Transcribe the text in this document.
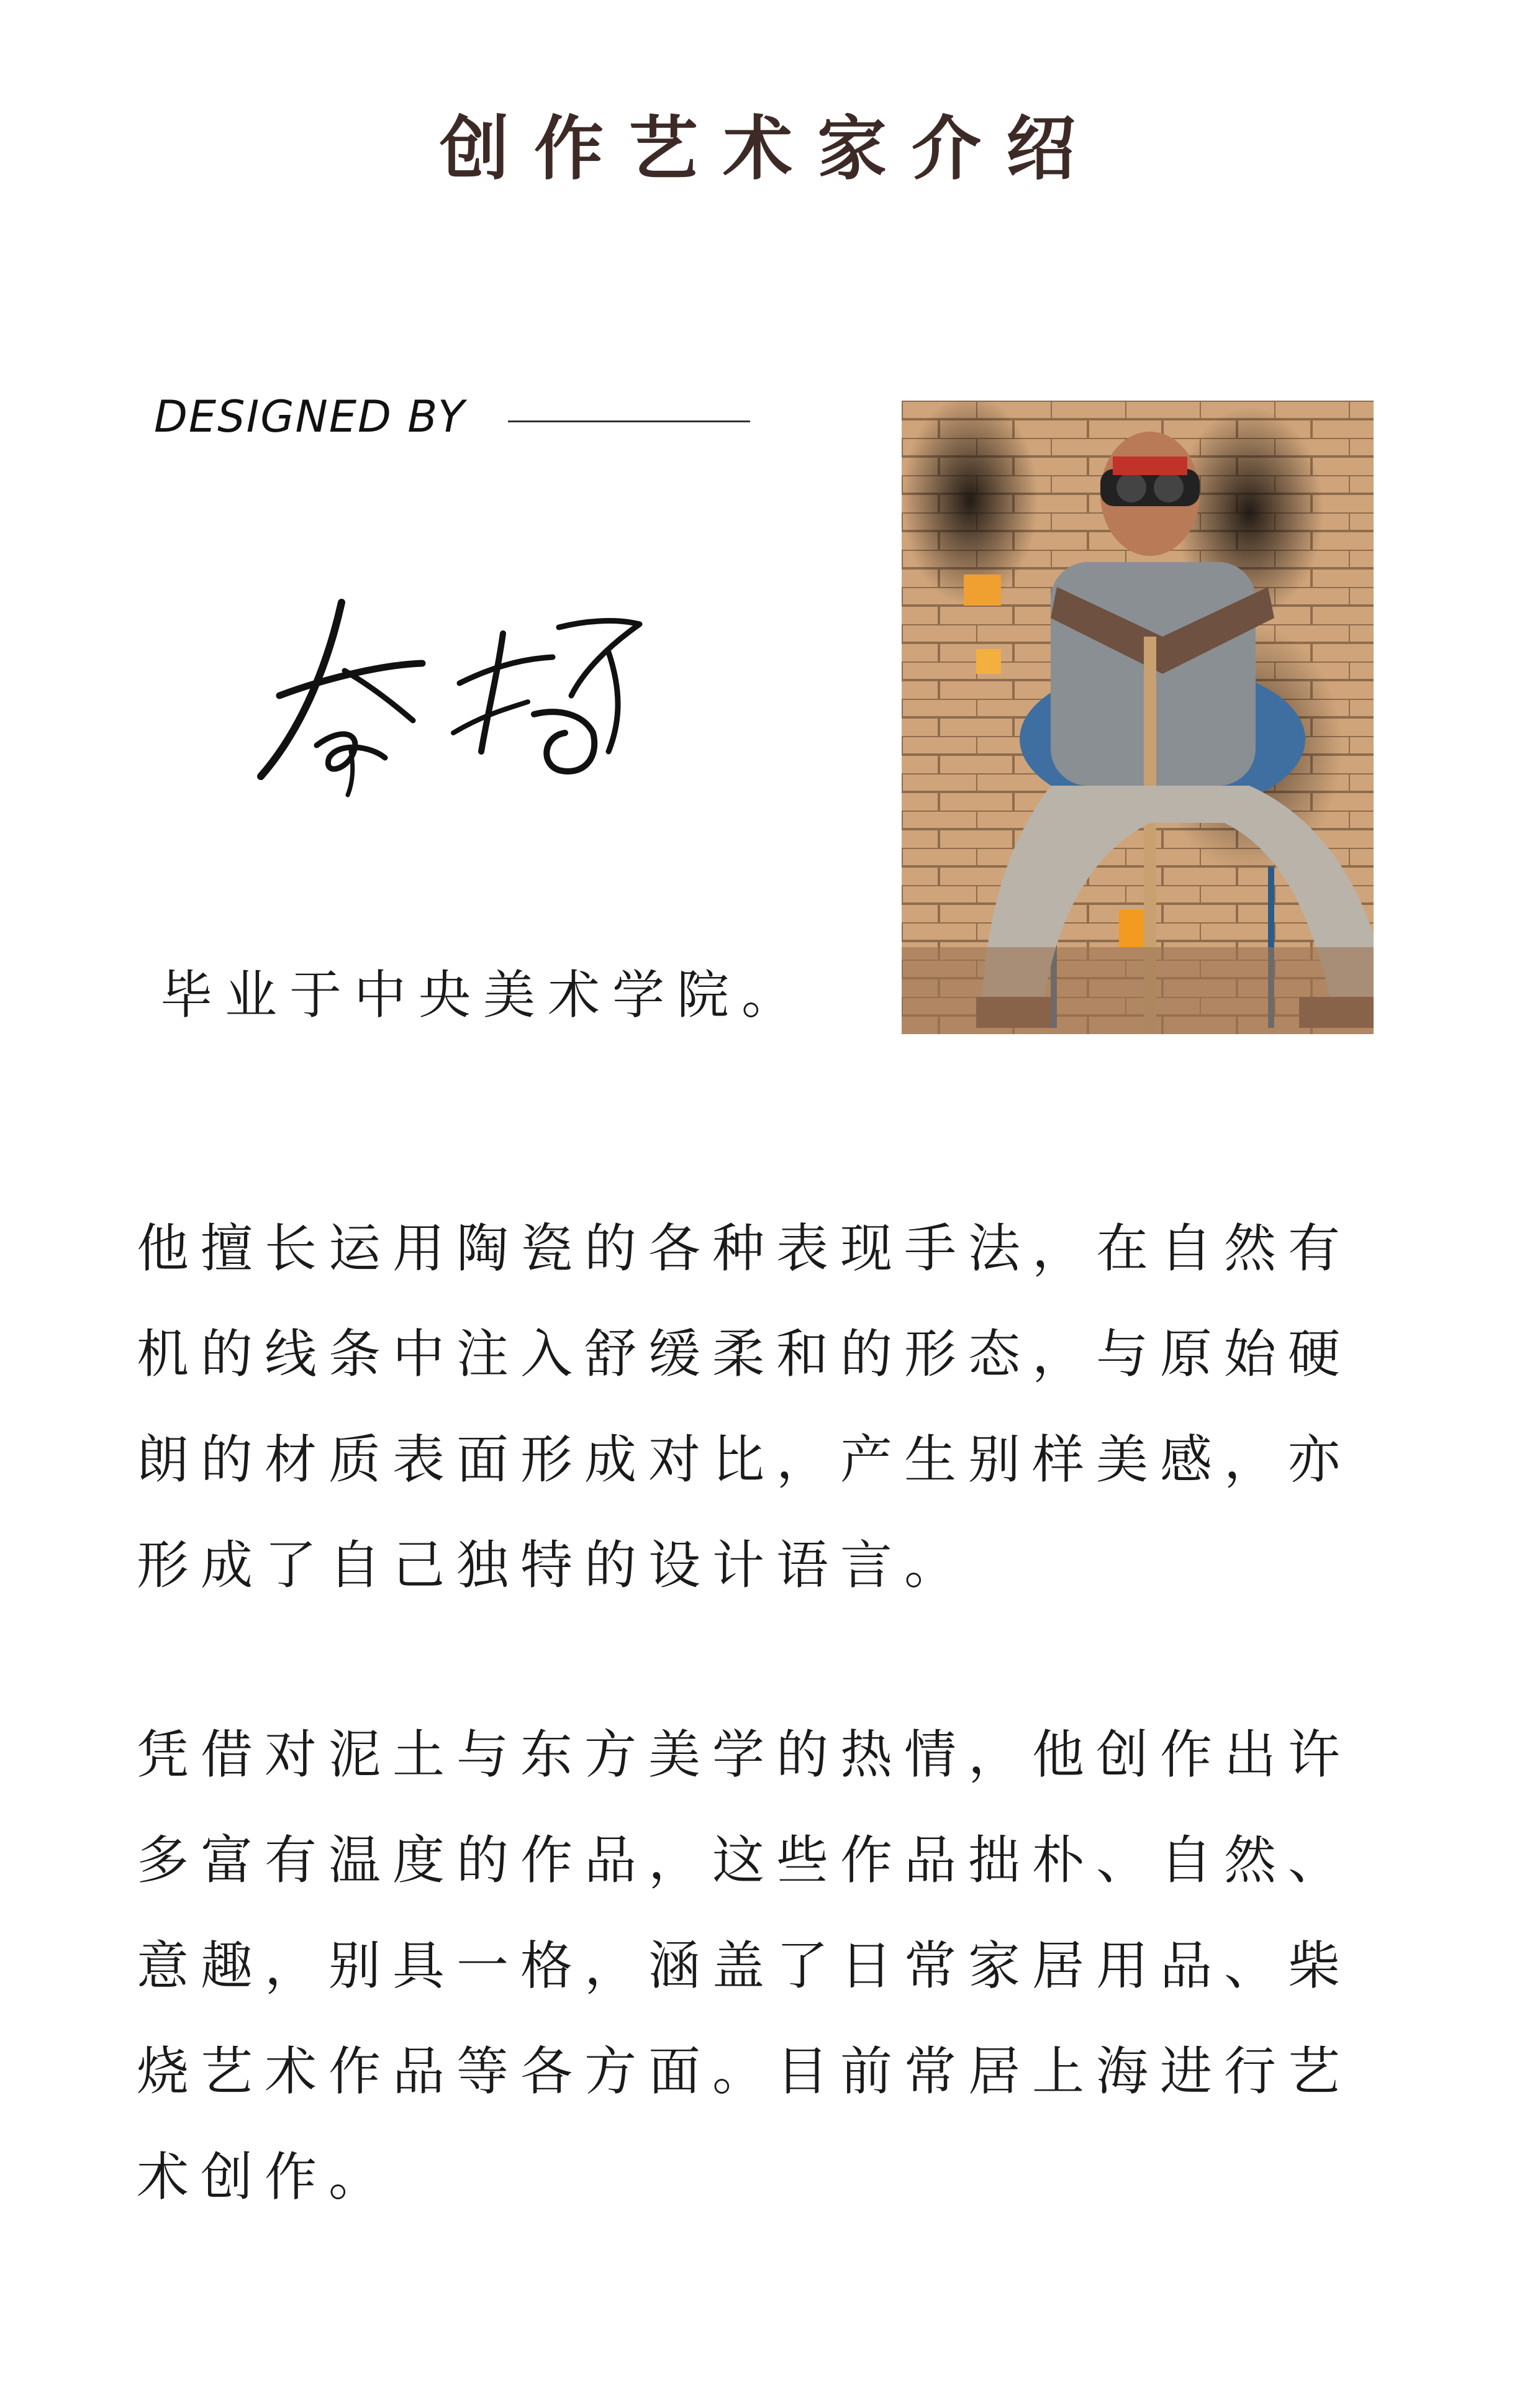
创作艺术家介绍
DESIGNED BY
毕业于中央美术学院。

他擅长运用陶瓷的各种表现手法，在自然有机的线条中注入舒缓柔和的形态，与原始硬朗的材质表面形成对比，产生别样美感，亦形成了自己独特的设计语言。

凭借对泥土与东方美学的热情，他创作出许多富有温度的作品，这些作品拙朴、自然、意趣，别具一格，涵盖了日常家居用品、柴烧艺术作品等各方面。目前常居上海进行艺术创作。
